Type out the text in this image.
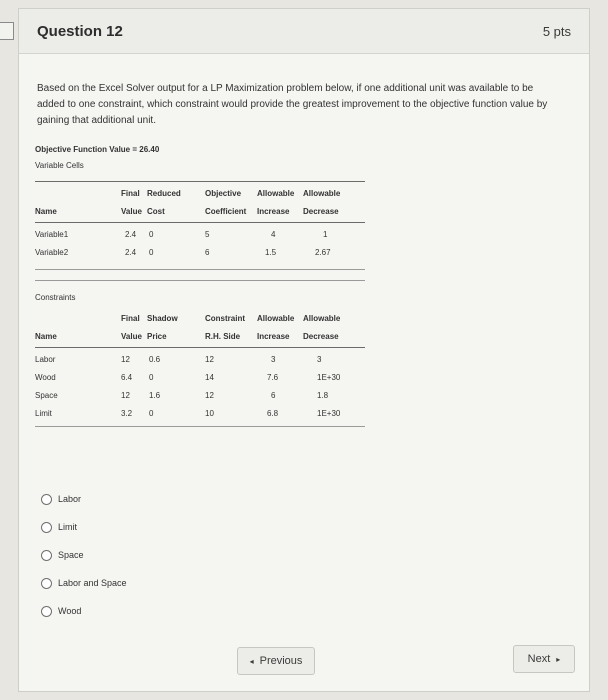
Question 12	5 pts
Based on the Excel Solver output for a LP Maximization problem below, if one additional unit was available to be added to one constraint, which constraint would provide the greatest improvement to the objective function value by gaining that additional unit.
Objective Function Value = 26.40
Variable Cells
Final Reduced	Objective	Allowable	Allowable
Name	Value Cost	Coefficient	Increase	Decrease
Variable1	2.4	0	5	4	1
Variable2	2.4	0	6	1.5	2.67
Constraints
Final Shadow	Constraint	Allowable	Allowable
Name	Value Price	R.H. Side	Increase	Decrease
Labor	12	0.6	12	3	3
Wood	6.4	0	14	7.6	1E+30
Space	12	1.6	12	6	1.8
Limit	3.2	0	10	6.8	1E+30
Labor
Limit
Space
Labor and Space
Wood
◂ Previous	Next ▸
